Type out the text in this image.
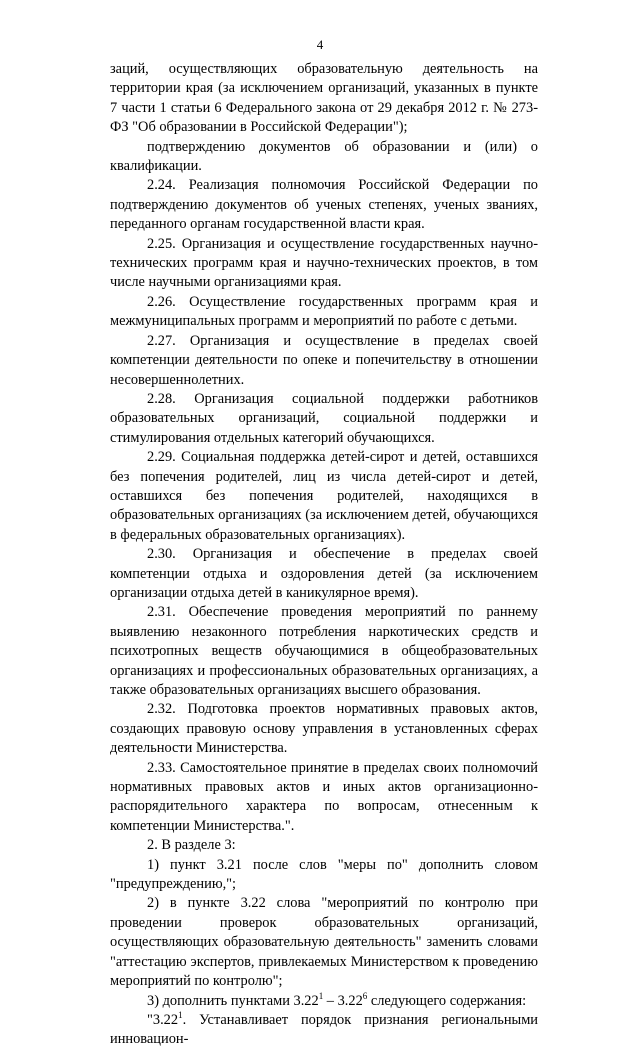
4

заций, осуществляющих образовательную деятельность на территории края (за исключением организаций, указанных в пункте 7 части 1 статьи 6 Федерального закона от 29 декабря 2012 г. № 273-ФЗ "Об образовании в Российской Федерации");

подтверждению документов об образовании и (или) о квалификации.

2.24. Реализация полномочия Российской Федерации по подтверждению документов об ученых степенях, ученых званиях, переданного органам государственной власти края.

2.25. Организация и осуществление государственных научно-технических программ края и научно-технических проектов, в том числе научными организациями края.

2.26. Осуществление государственных программ края и межмуниципальных программ и мероприятий по работе с детьми.

2.27. Организация и осуществление в пределах своей компетенции деятельности по опеке и попечительству в отношении несовершеннолетних.

2.28. Организация социальной поддержки работников образовательных организаций, социальной поддержки и стимулирования отдельных категорий обучающихся.

2.29. Социальная поддержка детей-сирот и детей, оставшихся без попечения родителей, лиц из числа детей-сирот и детей, оставшихся без попечения родителей, находящихся в образовательных организациях (за исключением детей, обучающихся в федеральных образовательных организациях).

2.30. Организация и обеспечение в пределах своей компетенции отдыха и оздоровления детей (за исключением организации отдыха детей в каникулярное время).

2.31. Обеспечение проведения мероприятий по раннему выявлению незаконного потребления наркотических средств и психотропных веществ обучающимися в общеобразовательных организациях и профессиональных образовательных организациях, а также образовательных организациях высшего образования.

2.32. Подготовка проектов нормативных правовых актов, создающих правовую основу управления в установленных сферах деятельности Министерства.

2.33. Самостоятельное принятие в пределах своих полномочий нормативных правовых актов и иных актов организационно-распорядительного характера по вопросам, отнесенным к компетенции Министерства.".

2. В разделе 3:

1) пункт 3.21 после слов "меры по" дополнить словом "предупреждению,";

2) в пункте 3.22 слова "мероприятий по контролю при проведении проверок образовательных организаций, осуществляющих образовательную деятельность" заменить словами "аттестацию экспертов, привлекаемых Министерством к проведению мероприятий по контролю";

3) дополнить пунктами 3.22$^1$ – 3.22$^6$ следующего содержания:

"3.22$^1$. Устанавливает порядок признания региональными инновацион-
